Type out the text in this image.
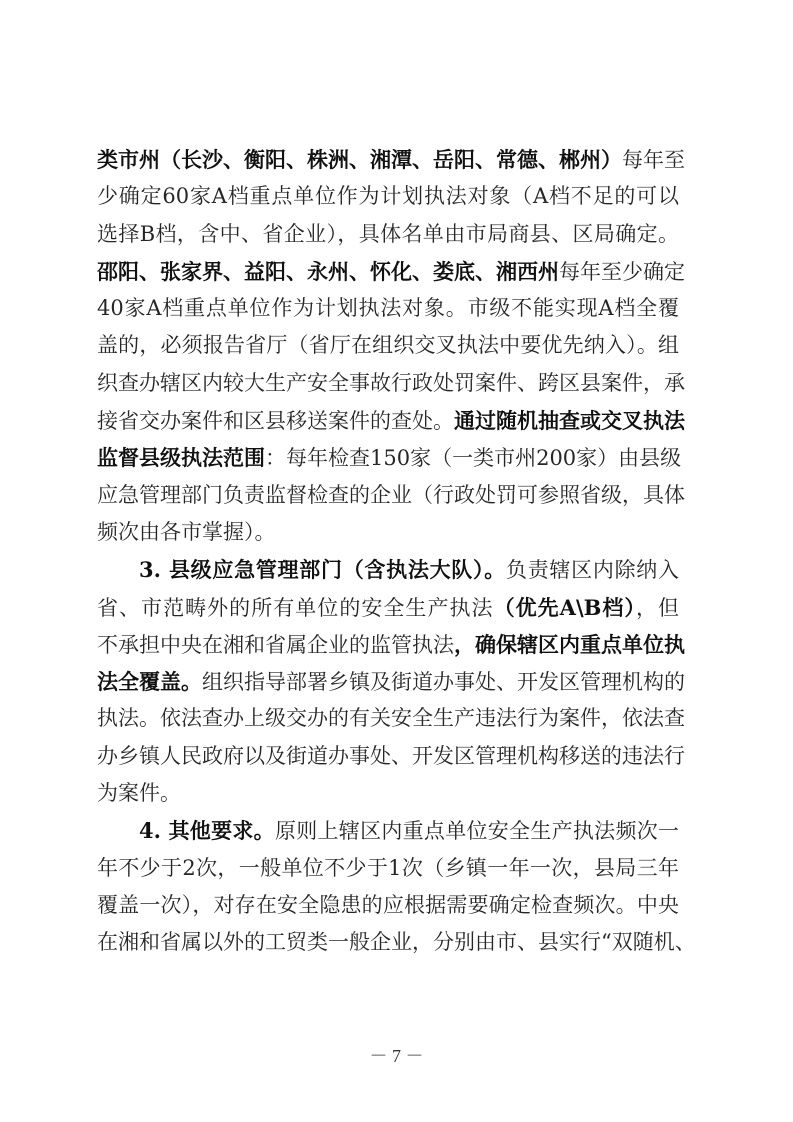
类市州（长沙、衡阳、株洲、湘潭、岳阳、常德、郴州）每年至
少确定60家A档重点单位作为计划执法对象（A档不足的可以
选择B档，含中、省企业），具体名单由市局商县、区局确定。
邵阳、张家界、益阳、永州、怀化、娄底、湘西州每年至少确定
40家A档重点单位作为计划执法对象。市级不能实现A档全覆
盖的，必须报告省厅（省厅在组织交叉执法中要优先纳入）。组
织查办辖区内较大生产安全事故行政处罚案件、跨区县案件，承
接省交办案件和区县移送案件的查处。通过随机抽查或交叉执法
监督县级执法范围：每年检查150家（一类市州200家）由县级
应急管理部门负责监督检查的企业（行政处罚可参照省级，具体
频次由各市掌握）。
3. 县级应急管理部门（含执法大队）。负责辖区内除纳入
省、市范畴外的所有单位的安全生产执法（优先A\B档），但
不承担中央在湘和省属企业的监管执法，确保辖区内重点单位执
法全覆盖。组织指导部署乡镇及街道办事处、开发区管理机构的
执法。依法查办上级交办的有关安全生产违法行为案件，依法查
办乡镇人民政府以及街道办事处、开发区管理机构移送的违法行
为案件。
4. 其他要求。原则上辖区内重点单位安全生产执法频次一
年不少于2次，一般单位不少于1次（乡镇一年一次，县局三年
覆盖一次），对存在安全隐患的应根据需要确定检查频次。中央
在湘和省属以外的工贸类一般企业，分别由市、县实行“双随机、
－ 7 －
